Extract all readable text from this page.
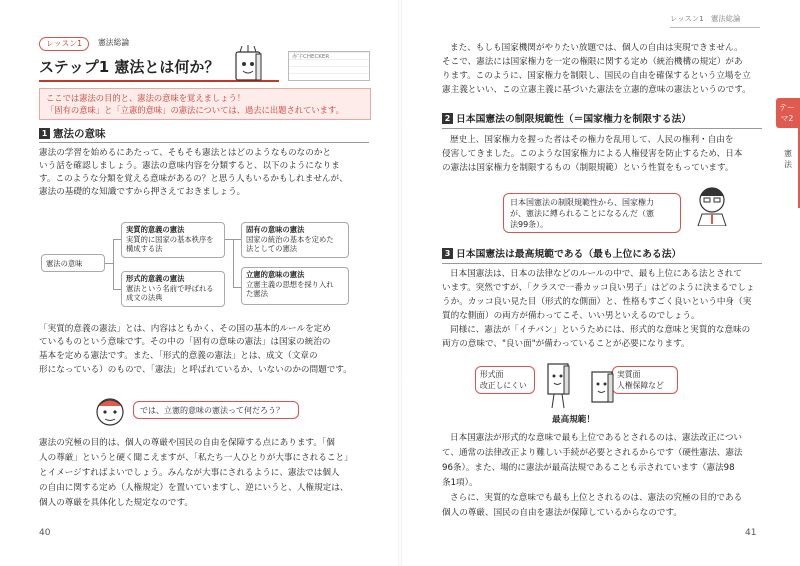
レッスン1	憲法総論
ステップ1 憲法とは何か？
赤字CHECKER
ここでは憲法の目的と、憲法の意味を覚えましょう！
「固有の意味」と「立憲的意味」の憲法については、過去に出題されています。
1 憲法の意味
憲法の学習を始めるにあたって、そもそも憲法とはどのようなものなのかと
いう話を確認しましょう。憲法の意味内容を分類すると、以下のようになりま
す。このような分類を覚える意味があるの？と思う人もいるかもしれませんが、
憲法の基礎的な知識ですから押さえておきましょう。
憲法の意味
実質的意義の憲法
実質的に国家の基本秩序を
構成する法
形式的意義の憲法
憲法という名前で呼ばれる
成文の法典
固有の意味の憲法
国家の統治の基本を定めた
法としての憲法
立憲的意味の憲法
立憲主義の思想を採り入れ
た憲法
「実質的意義の憲法」とは、内容はともかく、その国の基本的ルールを定め
ているものという意味です。その中の「固有の意味の憲法」は国家の統治の
基本を定める憲法です。また、「形式的意義の憲法」とは、成文（文章の
形になっている）のもので、「憲法」と呼ばれているか、いないのかの問題です。
では、立憲的意味の憲法って何だろう？
憲法の究極の目的は、個人の尊厳や国民の自由を保障する点にあります。「個
人の尊厳」というと硬く聞こえますが、「私たち一人ひとりが大事にされること」
とイメージすればよいでしょう。みんなが大事にされるように、憲法では個人
の自由に関する定め（人権規定）を置いていますし、逆にいうと、人権規定は、
個人の尊厳を具体化した規定なのです。
40
レッスン1　憲法総論
また、もしも国家機関がやりたい放題では、個人の自由は実現できません。
そこで、憲法には国家権力を一定の権限に関する定め（統治機構の規定）があ
ります。このように、国家権力を制限し、国民の自由を確保するという立場を立
憲主義といい、この立憲主義に基づいた憲法を立憲的意味の憲法というのです。
2 日本国憲法の制限規範性（＝国家権力を制限する法）
歴史上、国家権力を握った者はその権力を乱用して、人民の権利・自由を
侵害してきました。このような国家権力による人権侵害を防止するため、日本
の憲法は国家権力を制限するもの（制限規範）という性質をもっています。
日本国憲法の制限規範性から、国家権力
が、憲法に縛られることになるんだ（憲
法99条）。
3 日本国憲法は最高規範である（最も上位にある法）
日本国憲法は、日本の法律などのルールの中で、最も上位にある法とされて
います。突然ですが、「クラスで一番カッコ良い男子」はどのように決まるでしょ
うか。カッコ良い見た目（形式的な側面）と、性格もすごく良いという中身（実
質的な側面）の両方が備わってこそ、いい男といえるのでしょう。
同様に、憲法が「イチバン」というためには、形式的な意味と実質的な意味の
両方の意味で、"良い面"が備わっていることが必要になります。
形式面
改正しにくい
実質面
人権保障など
最高規範！
日本国憲法が形式的な意味で最も上位であるとされるのは、憲法改正につい
て、通常の法律改正より難しい手続が必要とされるからです（硬性憲法、憲法
96条）。また、場的に憲法が最高法規であることも示されています（憲法98
条1項）。
さらに、実質的な意味でも最も上位とされるのは、憲法の究極の目的である
個人の尊厳、国民の自由を憲法が保障しているからなのです。
テーマ2
憲法
41
